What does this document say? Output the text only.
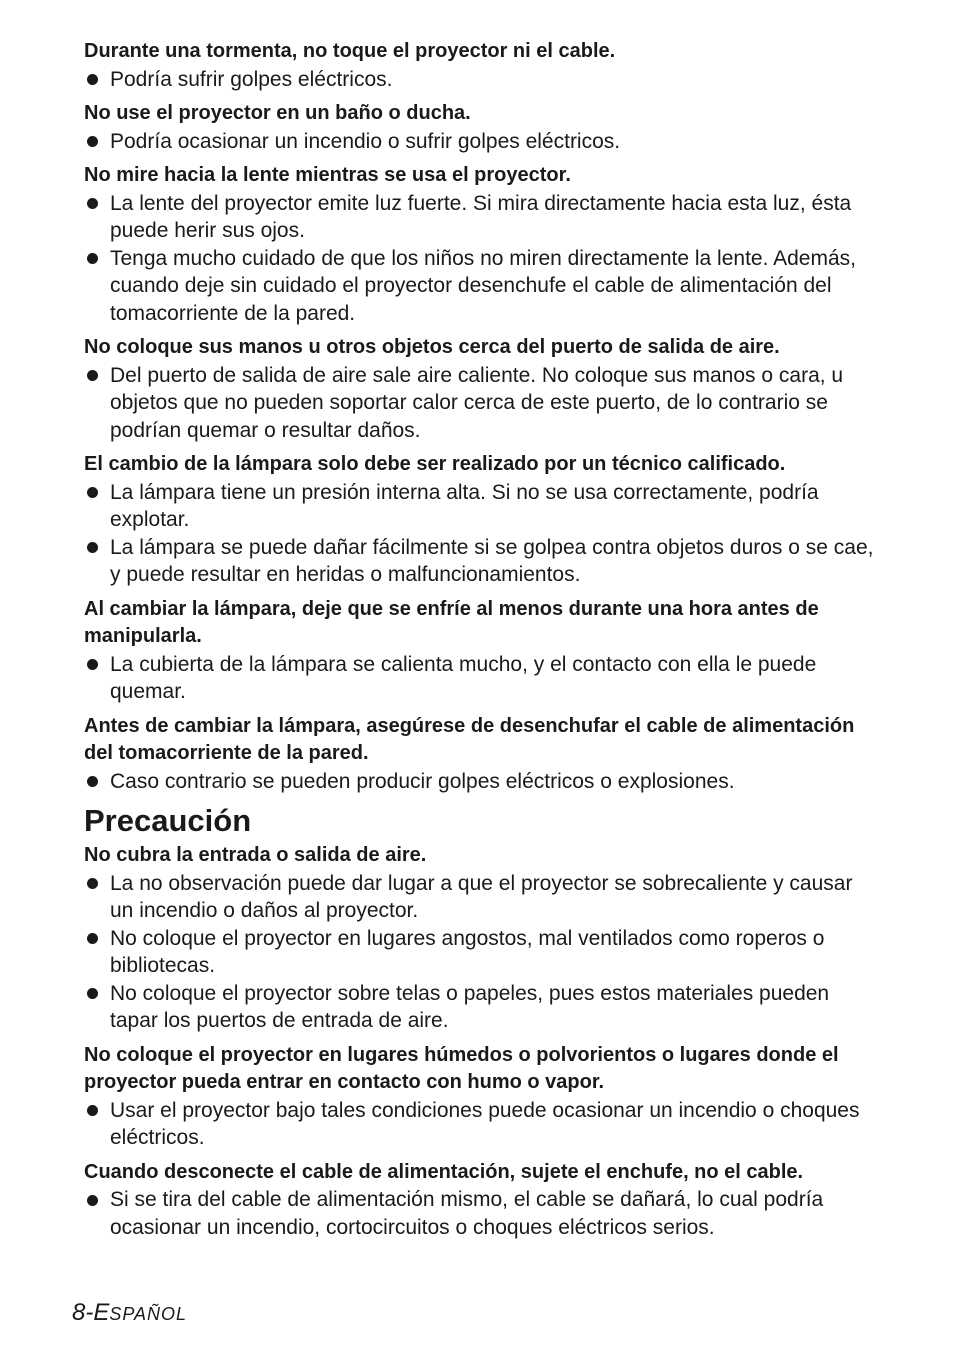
Durante una tormenta, no toque el proyector ni el cable.

Podría sufrir golpes eléctricos.

No use el proyector en un baño o ducha.

Podría ocasionar un incendio o sufrir golpes eléctricos.

No mire hacia la lente mientras se usa el proyector.

La lente del proyector emite luz fuerte. Si mira directamente hacia esta luz, ésta puede herir sus ojos.

Tenga mucho cuidado de que los niños no miren directamente la lente. Además, cuando deje sin cuidado el proyector desenchufe el cable de alimentación del tomacorriente de la pared.

No coloque sus manos u otros objetos cerca del puerto de salida de aire.

Del puerto de salida de aire sale aire caliente. No coloque sus manos o cara, u objetos que no pueden soportar calor cerca de este puerto, de lo contrario se podrían quemar o resultar daños.

El cambio de la lámpara solo debe ser realizado por un técnico calificado.

La lámpara tiene un presión interna alta. Si no se usa correctamente, podría explotar.

La lámpara se puede dañar fácilmente si se golpea contra objetos duros o se cae, y puede resultar en heridas o malfuncionamientos.

Al cambiar la lámpara, deje que se enfríe al menos durante una hora antes de manipularla.

La cubierta de la lámpara se calienta mucho, y el contacto con ella le puede quemar.

Antes de cambiar la lámpara, asegúrese de desenchufar el cable de alimentación del tomacorriente de la pared.

Caso contrario se pueden producir golpes eléctricos o explosiones.

Precaución

No cubra la entrada o salida de aire.

La no observación puede dar lugar a que el proyector se sobrecaliente y causar un incendio o daños al proyector.

No coloque el proyector en lugares angostos, mal ventilados como roperos o bibliotecas.

No coloque el proyector sobre telas o papeles, pues estos materiales pueden tapar los puertos de entrada de aire.

No coloque el proyector en lugares húmedos o polvorientos o lugares donde el proyector pueda entrar en contacto con humo o vapor.

Usar el proyector bajo tales condiciones puede ocasionar un incendio o choques eléctricos.

Cuando desconecte el cable de alimentación, sujete el enchufe, no el cable.

Si se tira del cable de alimentación mismo, el cable se dañará, lo cual podría ocasionar un incendio, cortocircuitos o choques eléctricos serios.

8-ESPAÑOL
